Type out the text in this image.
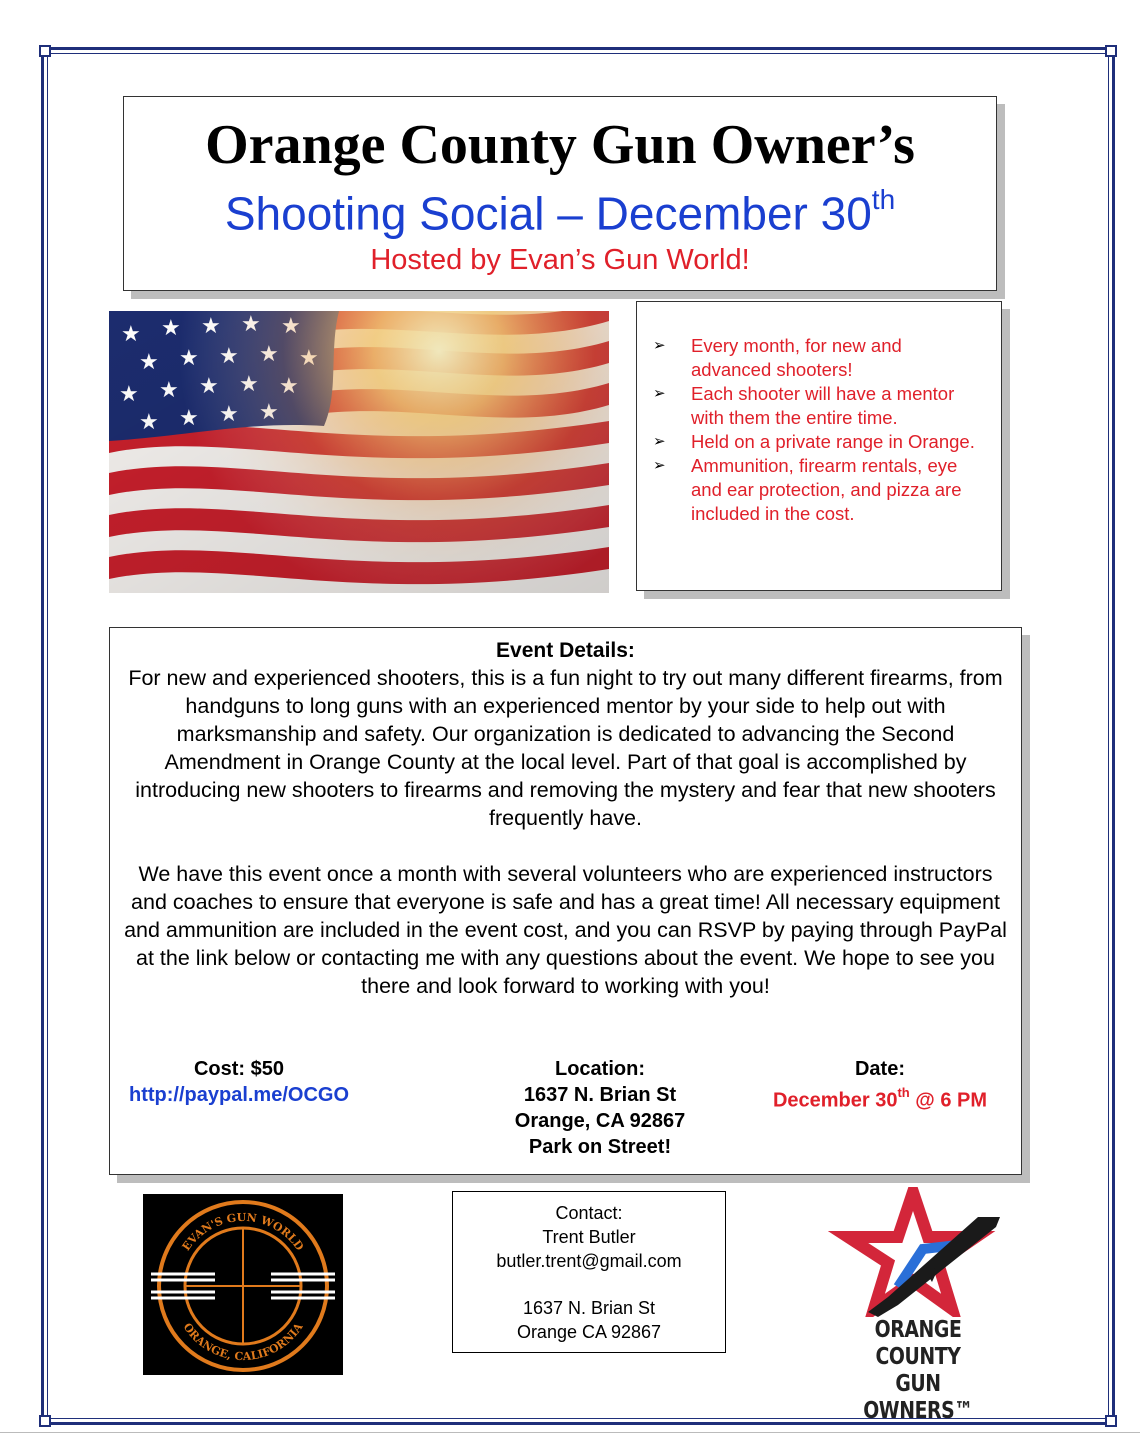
Orange County Gun Owner’s
Shooting Social – December 30th
Hosted by Evan’s Gun World!
➢ Every month, for new and advanced shooters!
➢ Each shooter will have a mentor with them the entire time.
➢ Held on a private range in Orange.
➢ Ammunition, firearm rentals, eye and ear protection, and pizza are included in the cost.
Event Details:
For new and experienced shooters, this is a fun night to try out many different firearms, from handguns to long guns with an experienced mentor by your side to help out with marksmanship and safety. Our organization is dedicated to advancing the Second Amendment in Orange County at the local level. Part of that goal is accomplished by introducing new shooters to firearms and removing the mystery and fear that new shooters frequently have.
We have this event once a month with several volunteers who are experienced instructors and coaches to ensure that everyone is safe and has a great time! All necessary equipment and ammunition are included in the event cost, and you can RSVP by paying through PayPal at the link below or contacting me with any questions about the event. We hope to see you there and look forward to working with you!
Cost: $50
http://paypal.me/OCGO
Location:
1637 N. Brian St
Orange, CA 92867
Park on Street!
Date:
December 30th @ 6 PM
EVAN'S GUN WORLD
ORANGE, CALIFORNIA
Contact:
Trent Butler
butler.trent@gmail.com
1637 N. Brian St
Orange CA 92867	ORANGE COUNTY
GUN OWNERS™
